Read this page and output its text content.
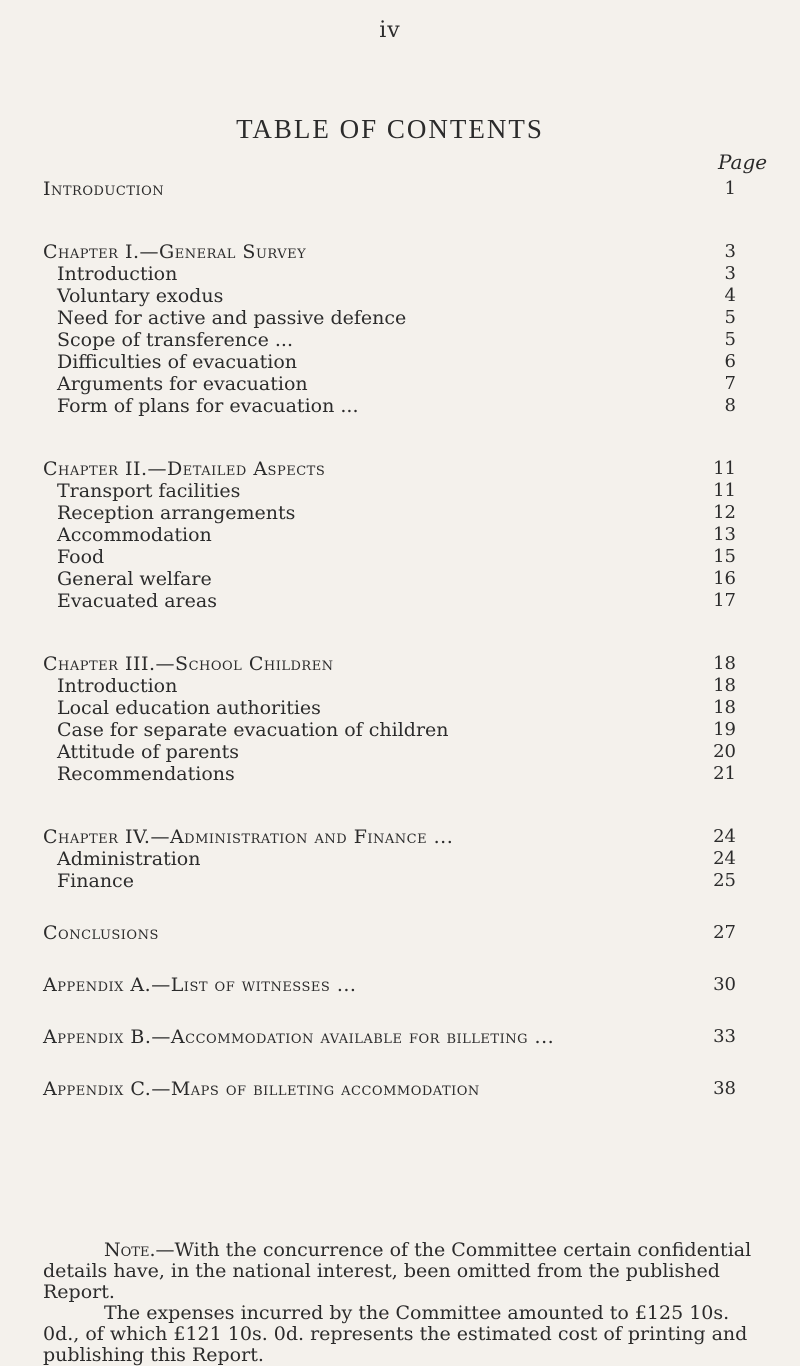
iv
TABLE OF CONTENTS
Page
Introduction	1
Chapter I.—General Survey	3
Introduction	3
Voluntary exodus	4
Need for active and passive defence	5
Scope of transference ...	5
Difficulties of evacuation	6
Arguments for evacuation	7
Form of plans for evacuation ...	8
Chapter II.—Detailed Aspects	11
Transport facilities	11
Reception arrangements	12
Accommodation	13
Food	15
General welfare	16
Evacuated areas	17
Chapter III.—School Children	18
Introduction	18
Local education authorities	18
Case for separate evacuation of children	19
Attitude of parents	20
Recommendations	21
Chapter IV.—Administration and Finance ...	24
Administration	24
Finance	25
Conclusions	27
Appendix A.—List of witnesses ...	30
Appendix B.—Accommodation available for billeting ...	33
Appendix C.—Maps of billeting accommodation	38

Note.—With the concurrence of the Committee certain confidential details have, in the national interest, been omitted from the published Report.

The expenses incurred by the Committee amounted to £125 10s. 0d., of which £121 10s. 0d. represents the estimated cost of printing and publishing this Report.
